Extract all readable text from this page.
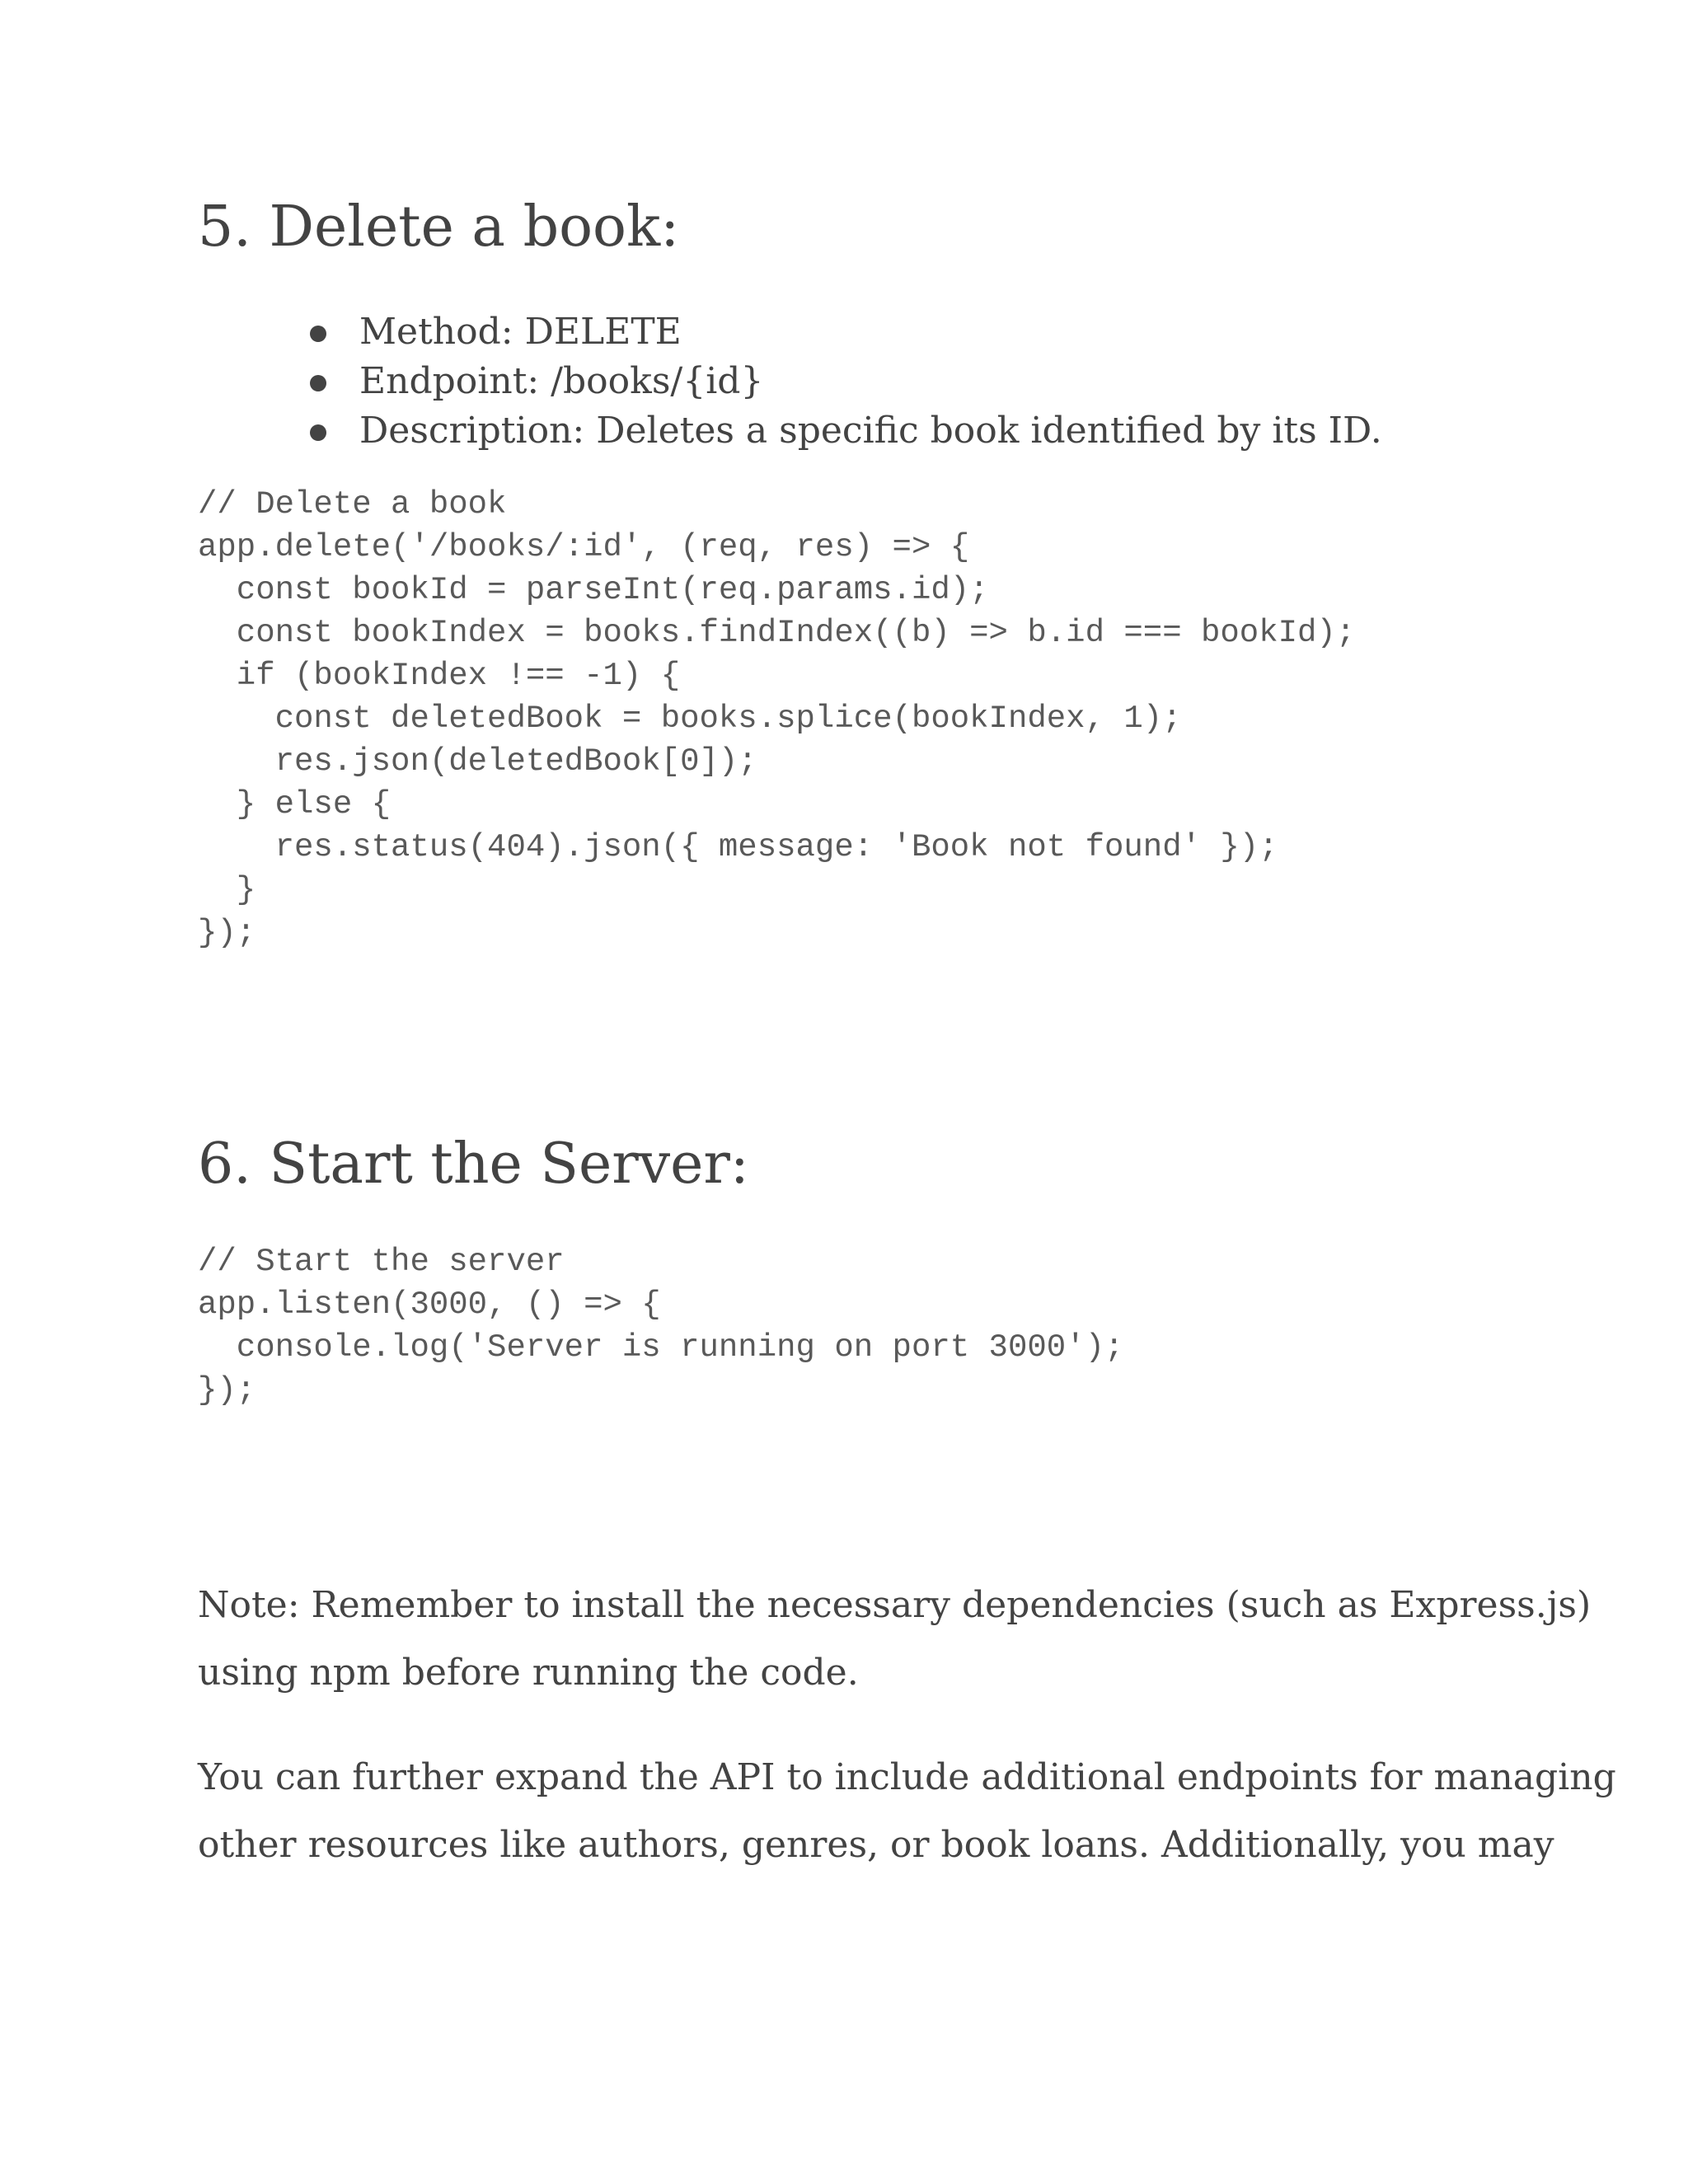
5. Delete a book:
Method: DELETE
Endpoint: /books/{id}
Description: Deletes a specific book identified by its ID.
// Delete a book
app.delete('/books/:id', (req, res) => {
const bookId = parseInt(req.params.id);
const bookIndex = books.findIndex((b) => b.id === bookId);
if (bookIndex !== -1) {
const deletedBook = books.splice(bookIndex, 1);
res.json(deletedBook[0]);
} else {
res.status(404).json({ message: 'Book not found' });
}
});
6. Start the Server:
// Start the server
app.listen(3000, () => {
console.log('Server is running on port 3000');
});

Note: Remember to install the necessary dependencies (such as Express.js)
using npm before running the code.

You can further expand the API to include additional endpoints for managing
other resources like authors, genres, or book loans. Additionally, you may
